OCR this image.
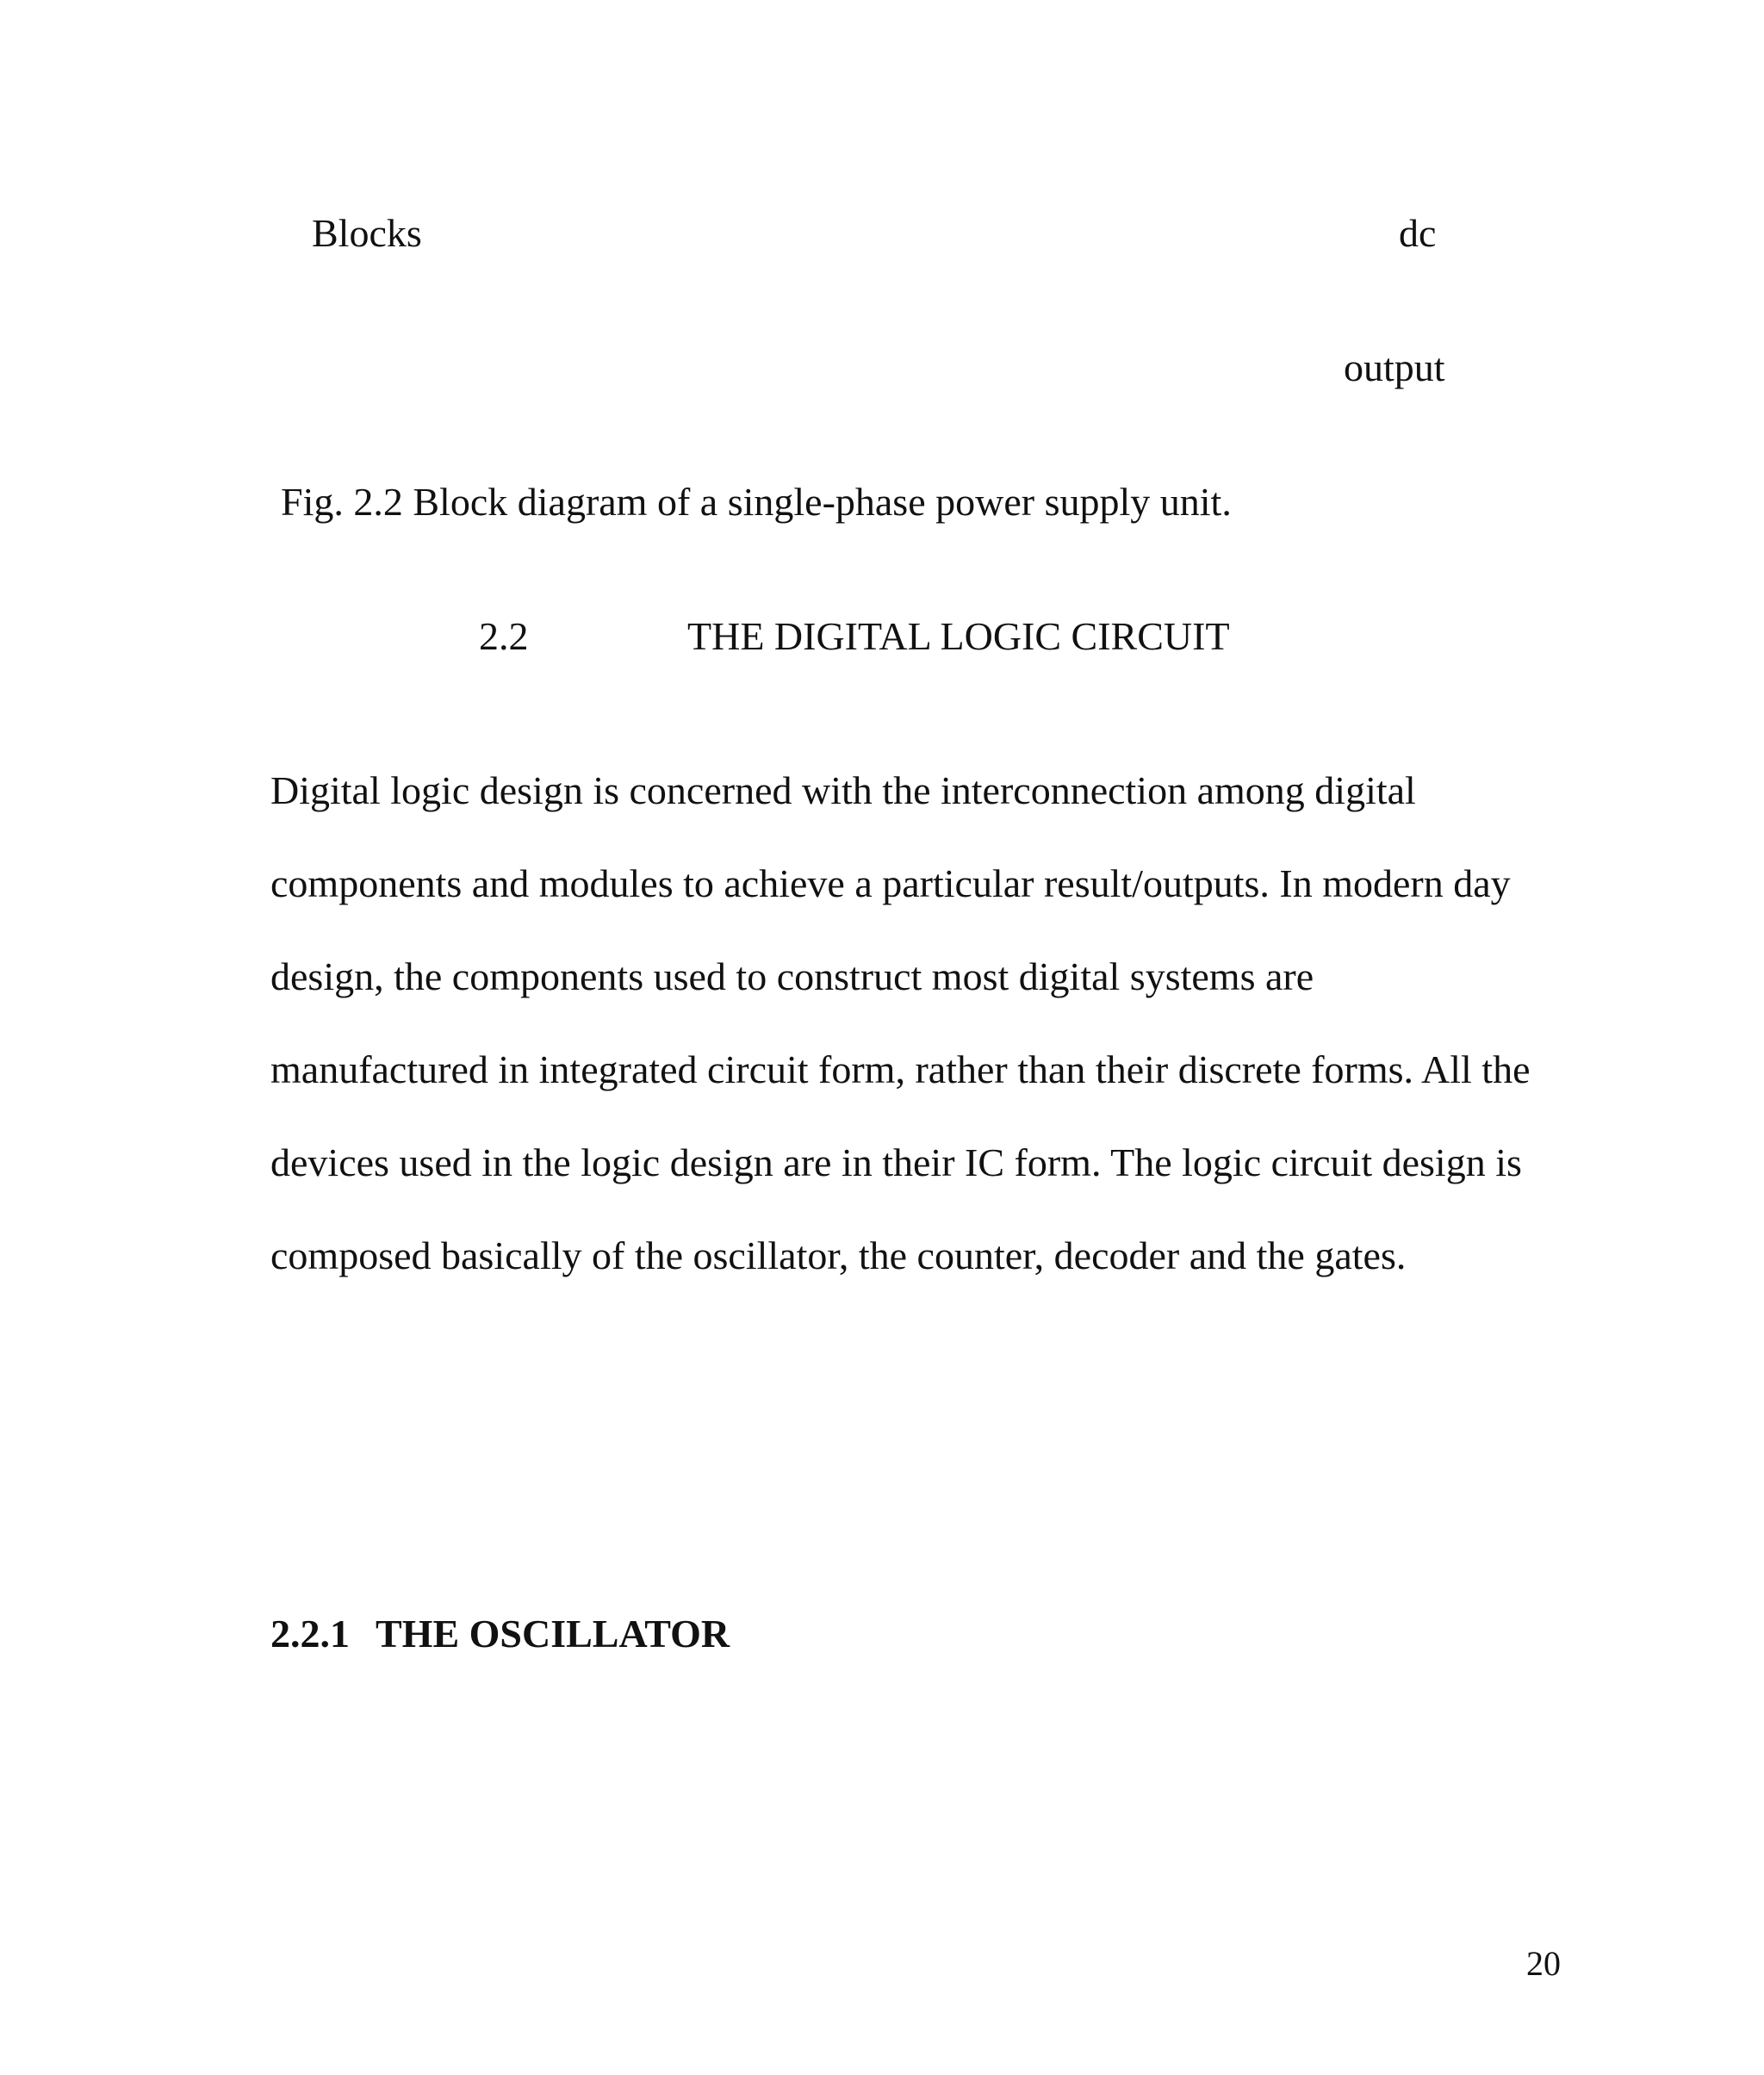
Blocks	dc
output
Fig. 2.2 Block diagram of a single-phase power supply unit.
2.2	THE DIGITAL LOGIC CIRCUIT
Digital logic design is concerned with the interconnection among digital
components and modules to achieve a particular result/outputs. In modern day
design, the components used to construct most digital systems are
manufactured in integrated circuit form, rather than their discrete forms. All the
devices used in the logic design are in their IC form. The logic circuit design is
composed basically of the oscillator, the counter, decoder and the gates.
2.2.1 THE OSCILLATOR
20
